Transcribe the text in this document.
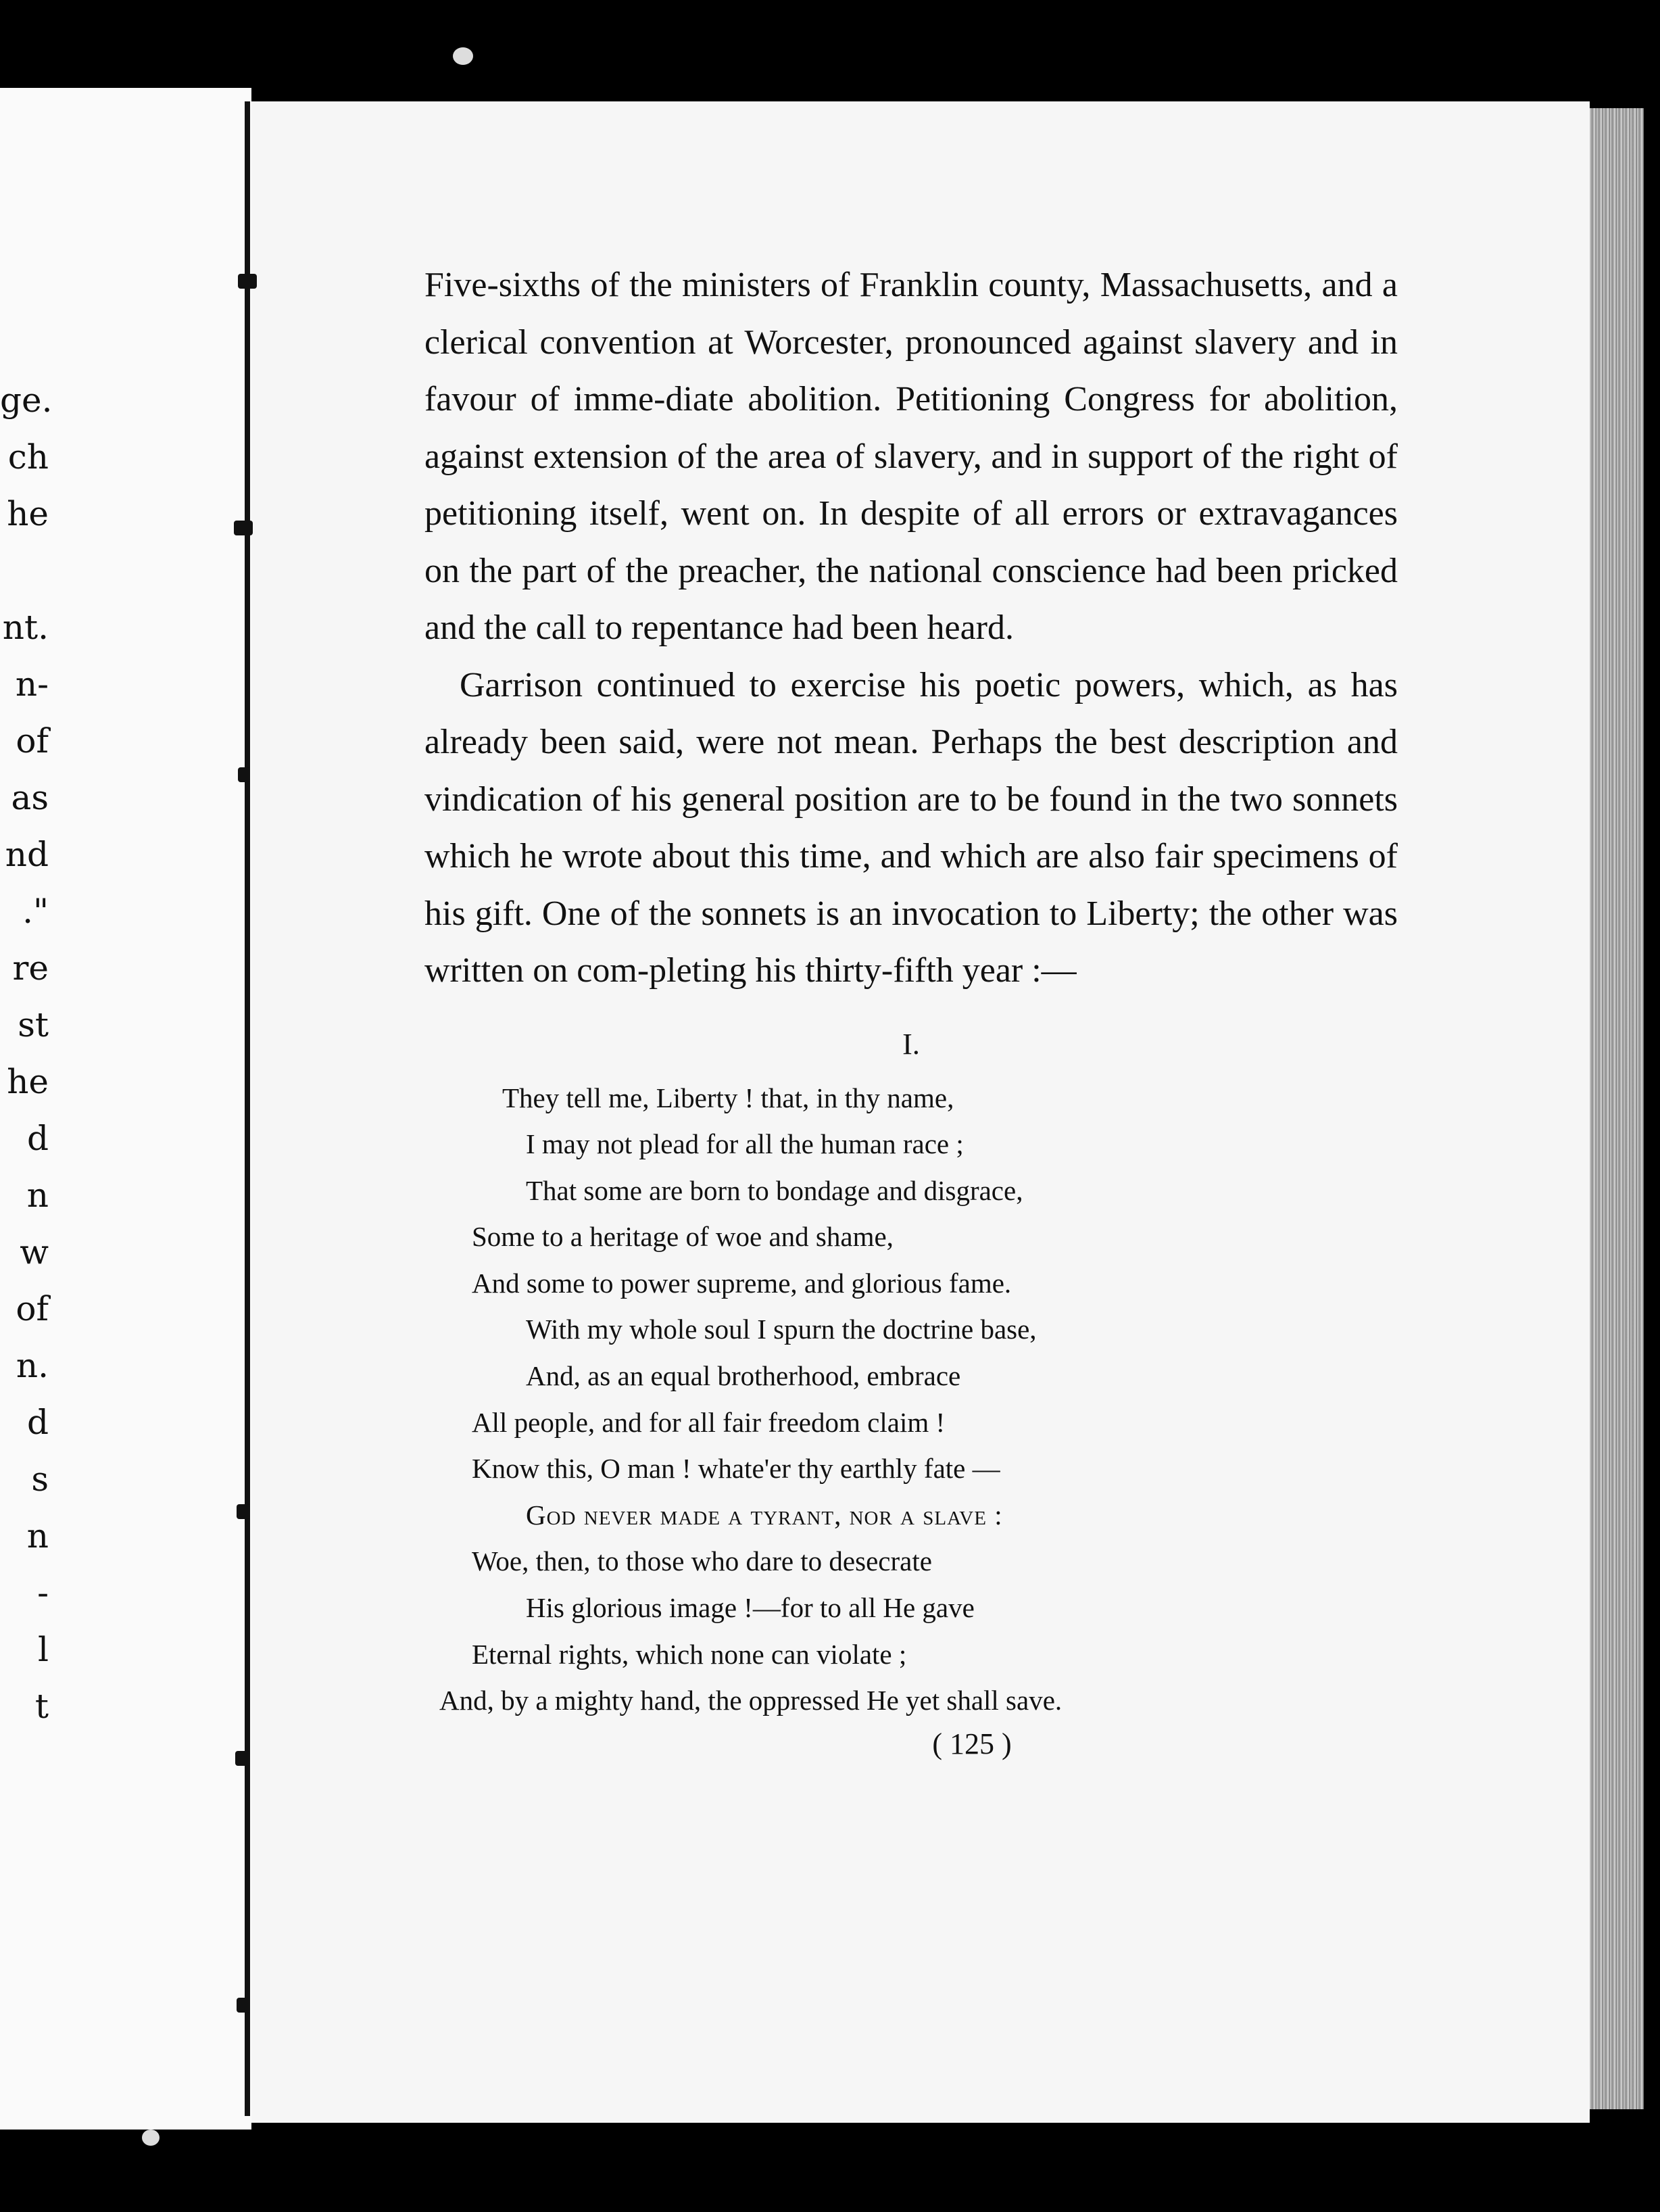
ge.
ch
he

nt.
n-
of
as
nd
."
re
st
he
d
n
w
of
n.
d
s
n
-
l
t

Five-sixths of the ministers of Franklin county, Massachusetts, and a clerical convention at Worcester, pronounced against slavery and in favour of imme-diate abolition. Petitioning Congress for abolition, against extension of the area of slavery, and in support of the right of petitioning itself, went on. In despite of all errors or extravagances on the part of the preacher, the national conscience had been pricked and the call to repentance had been heard.

Garrison continued to exercise his poetic powers, which, as has already been said, were not mean. Perhaps the best description and vindication of his general position are to be found in the two sonnets which he wrote about this time, and which are also fair specimens of his gift. One of the sonnets is an invocation to Liberty; the other was written on com-pleting his thirty-fifth year :—

I.
They tell me, Liberty ! that, in thy name,
I may not plead for all the human race ;
That some are born to bondage and disgrace,
Some to a heritage of woe and shame,
And some to power supreme, and glorious fame.
With my whole soul I spurn the doctrine base,
And, as an equal brotherhood, embrace
All people, and for all fair freedom claim !
Know this, O man ! whate'er thy earthly fate —
God never made a tyrant, nor a slave :
Woe, then, to those who dare to desecrate
His glorious image !—for to all He gave
Eternal rights, which none can violate ;
And, by a mighty hand, the oppressed He yet shall save.
( 125 )
